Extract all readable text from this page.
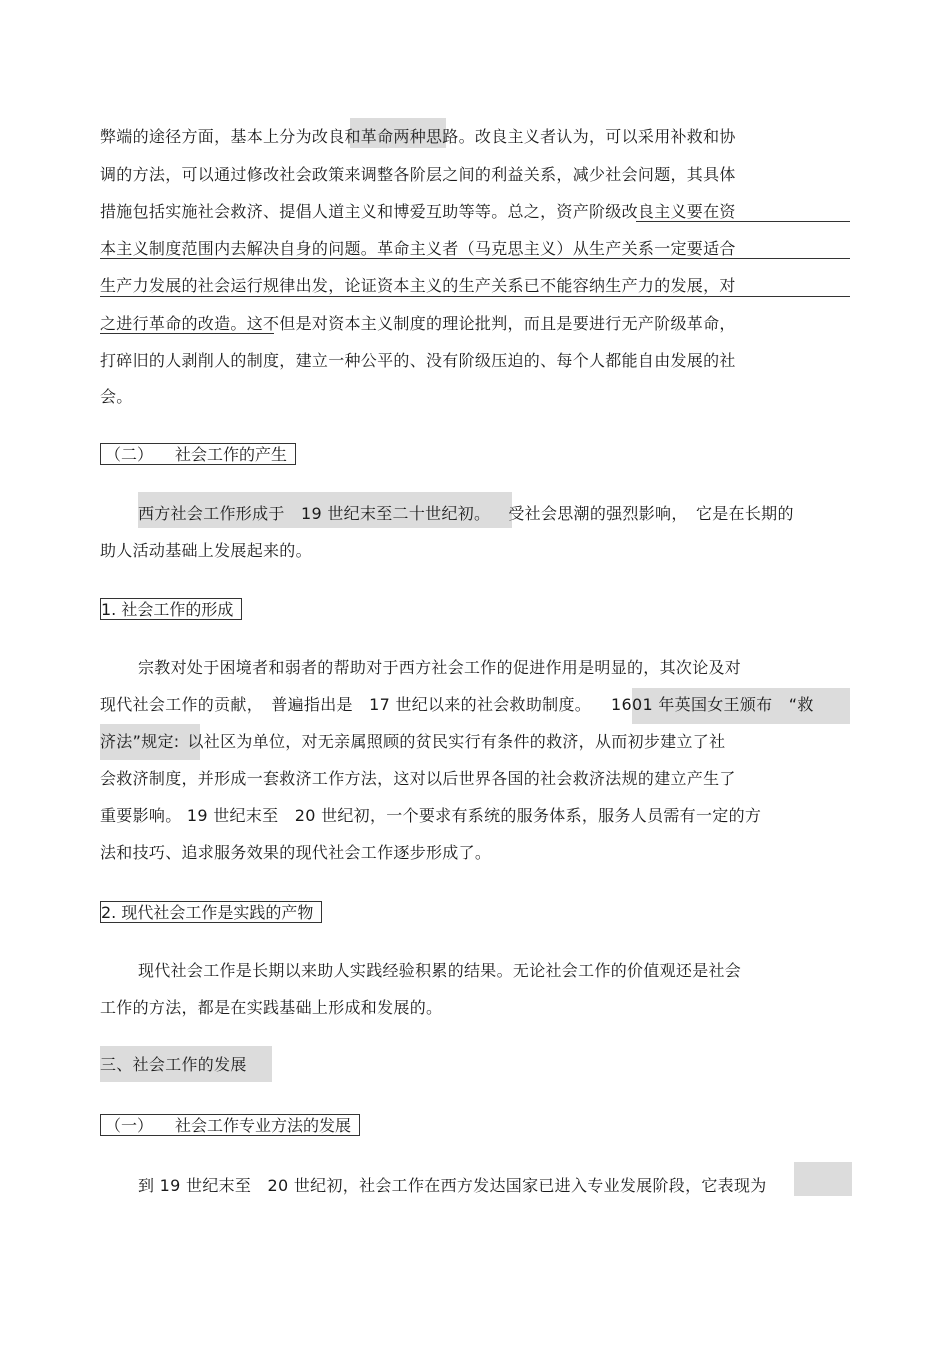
弊端的途径方面，基本上分为改良和革命两种思路。改良主义者认为，可以采用补救和协
调的方法，可以通过修改社会政策来调整各阶层之间的利益关系，减少社会问题，其具体
措施包括实施社会救济、提倡人道主义和博爱互助等等。总之，资产阶级改良主义要在资
本主义制度范围内去解决自身的问题。革命主义者（马克思主义）从生产关系一定要适合
生产力发展的社会运行规律出发，论证资本主义的生产关系已不能容纳生产力的发展，对
之进行革命的改造。这不但是对资本主义制度的理论批判，而且是要进行无产阶级革命，
打碎旧的人剥削人的制度，建立一种公平的、没有阶级压迫的、每个人都能自由发展的社
会。
（二） 社会工作的产生
西方社会工作形成于　19 世纪末至二十世纪初。 受社会思潮的强烈影响，　它是在长期的
助人活动基础上发展起来的。
1. 社会工作的形成
宗教对处于困境者和弱者的帮助对于西方社会工作的促进作用是明显的，其次论及对
现代社会工作的贡献，　普遍指出是　17 世纪以来的社会救助制度。 1601 年英国女王颁布　“救
济法”规定: 以社区为单位，对无亲属照顾的贫民实行有条件的救济，从而初步建立了社
会救济制度，并形成一套救济工作方法，这对以后世界各国的社会救济法规的建立产生了
重要影响。 19 世纪末至　20 世纪初，一个要求有系统的服务体系，服务人员需有一定的方
法和技巧、追求服务效果的现代社会工作逐步形成了。
2. 现代社会工作是实践的产物
现代社会工作是长期以来助人实践经验积累的结果。无论社会工作的价值观还是社会
工作的方法，都是在实践基础上形成和发展的。
三、社会工作的发展
（一） 社会工作专业方法的发展
到 19 世纪末至　20 世纪初，社会工作在西方发达国家已进入专业发展阶段，它表现为
